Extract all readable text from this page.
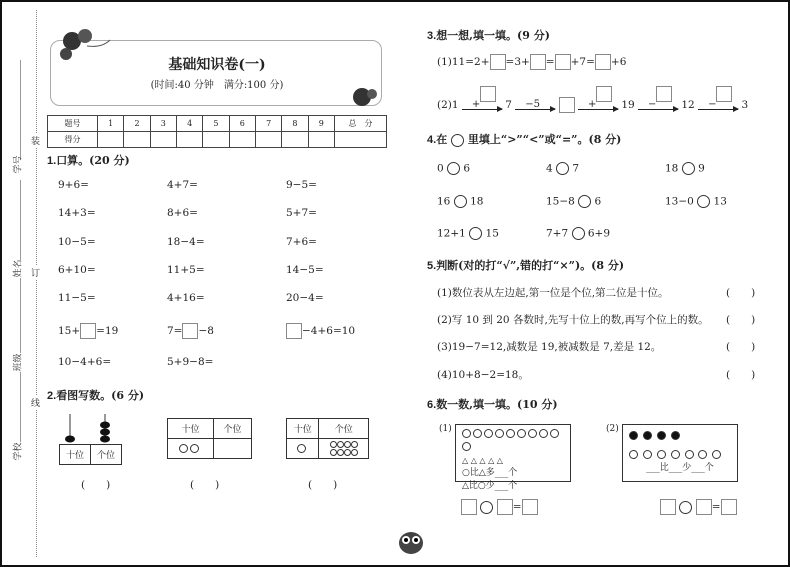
学号
姓名
班级
学校
装
订
线
基础知识卷(一)
(时间:40 分钟　满分:100 分)
题号	1	2	3	4	5	6	7	8	9	总　分
得分										
1.口算。(20 分)
9+6=	4+7=	9−5=
14+3=	8+6=	5+7=
10−5=	18−4=	7+6=
6+10=	11+5=	14−5=
11−5=	4+16=	20−4=
15+ =19	7= −8	−4+6=10
10−4+6=	5+9−8=
2.看图写数。(6 分)
十位	个位
十位	个位
		十位	个位

(　　)	(　　)	(　　)
3.想一想,填一填。(9 分)
(1)11=2+ =3+ = +7= +6
(2)1 + 7 −5
	+ 19 − 12 − 3
4.在 里填上“>”“<”或“=”。(8 分)
0 6	4 7	18 9
16 18	15−8 6	13−0 13
12+1 15	7+7 6+9
5.判断(对的打“√”,错的打“×”)。(8 分)
(1)数位表从左边起,第一位是个位,第二位是十位。	(　　)
(2)写 10 到 20 各数时,先写十位上的数,再写个位上的数。 (　　)
(3)19−7=12,减数是 19,被减数是 7,差是 12。	(　　)
(4)10+8−2=18。	(　　)
6.数一数,填一填。(10 分)
(1)
△ △ △ △ △
○比△多___个
△比○少___个
(2)

___比___少___个
=	=
